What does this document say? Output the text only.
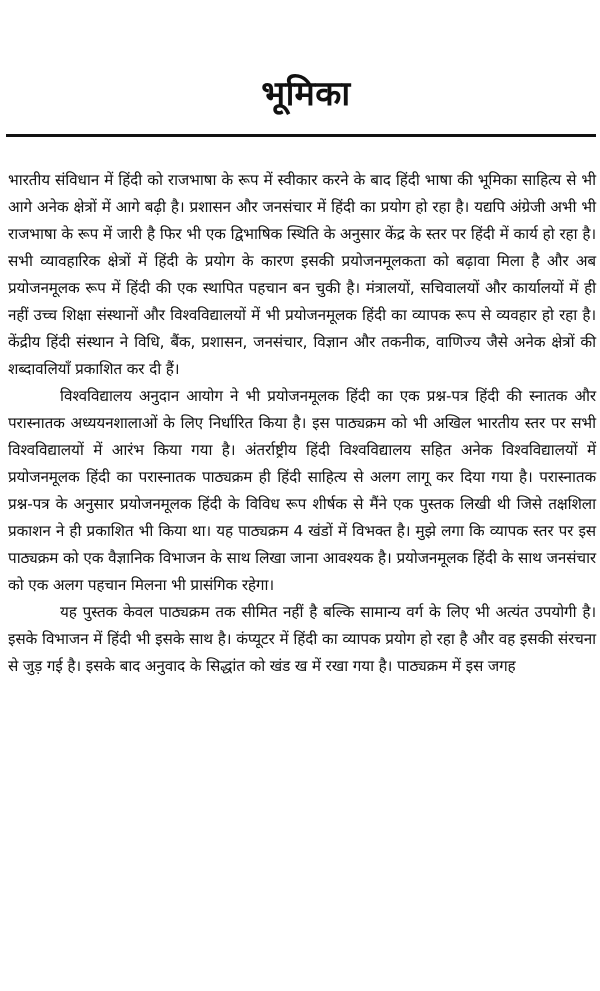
भूमिका

भारतीय संविधान में हिंदी को राजभाषा के रूप में स्वीकार करने के बाद हिंदी भाषा की भूमिका साहित्य से भी आगे अनेक क्षेत्रों में आगे बढ़ी है। प्रशासन और जनसंचार में हिंदी का प्रयोग हो रहा है। यद्यपि अंग्रेजी अभी भी राजभाषा के रूप में जारी है फिर भी एक द्विभाषिक स्थिति के अनुसार केंद्र के स्तर पर हिंदी में कार्य हो रहा है। सभी व्यावहारिक क्षेत्रों में हिंदी के प्रयोग के कारण इसकी प्रयोजनमूलकता को बढ़ावा मिला है और अब प्रयोजनमूलक रूप में हिंदी की एक स्थापित पहचान बन चुकी है। मंत्रालयों, सचिवालयों और कार्यालयों में ही नहीं उच्च शिक्षा संस्थानों और विश्वविद्यालयों में भी प्रयोजनमूलक हिंदी का व्यापक रूप से व्यवहार हो रहा है। केंद्रीय हिंदी संस्थान ने विधि, बैंक, प्रशासन, जनसंचार, विज्ञान और तकनीक, वाणिज्य जैसे अनेक क्षेत्रों की शब्दावलियाँ प्रकाशित कर दी हैं।

विश्वविद्यालय अनुदान आयोग ने भी प्रयोजनमूलक हिंदी का एक प्रश्न-पत्र हिंदी की स्नातक और परास्नातक अध्ययनशालाओं के लिए निर्धारित किया है। इस पाठ्यक्रम को भी अखिल भारतीय स्तर पर सभी विश्वविद्यालयों में आरंभ किया गया है। अंतर्राष्ट्रीय हिंदी विश्वविद्यालय सहित अनेक विश्वविद्यालयों में प्रयोजनमूलक हिंदी का परास्नातक पाठ्यक्रम ही हिंदी साहित्य से अलग लागू कर दिया गया है। परास्नातक प्रश्न-पत्र के अनुसार प्रयोजनमूलक हिंदी के विविध रूप शीर्षक से मैंने एक पुस्तक लिखी थी जिसे तक्षशिला प्रकाशन ने ही प्रकाशित भी किया था। यह पाठ्यक्रम 4 खंडों में विभक्त है। मुझे लगा कि व्यापक स्तर पर इस पाठ्यक्रम को एक वैज्ञानिक विभाजन के साथ लिखा जाना आवश्यक है। प्रयोजनमूलक हिंदी के साथ जनसंचार को एक अलग पहचान मिलना भी प्रासंगिक रहेगा।

यह पुस्तक केवल पाठ्यक्रम तक सीमित नहीं है बल्कि सामान्य वर्ग के लिए भी अत्यंत उपयोगी है। इसके विभाजन में हिंदी भी इसके साथ है। कंप्यूटर में हिंदी का व्यापक प्रयोग हो रहा है और वह इसकी संरचना से जुड़ गई है। इसके बाद अनुवाद के सिद्धांत को खंड ख में रखा गया है। पाठ्यक्रम में इस जगह
